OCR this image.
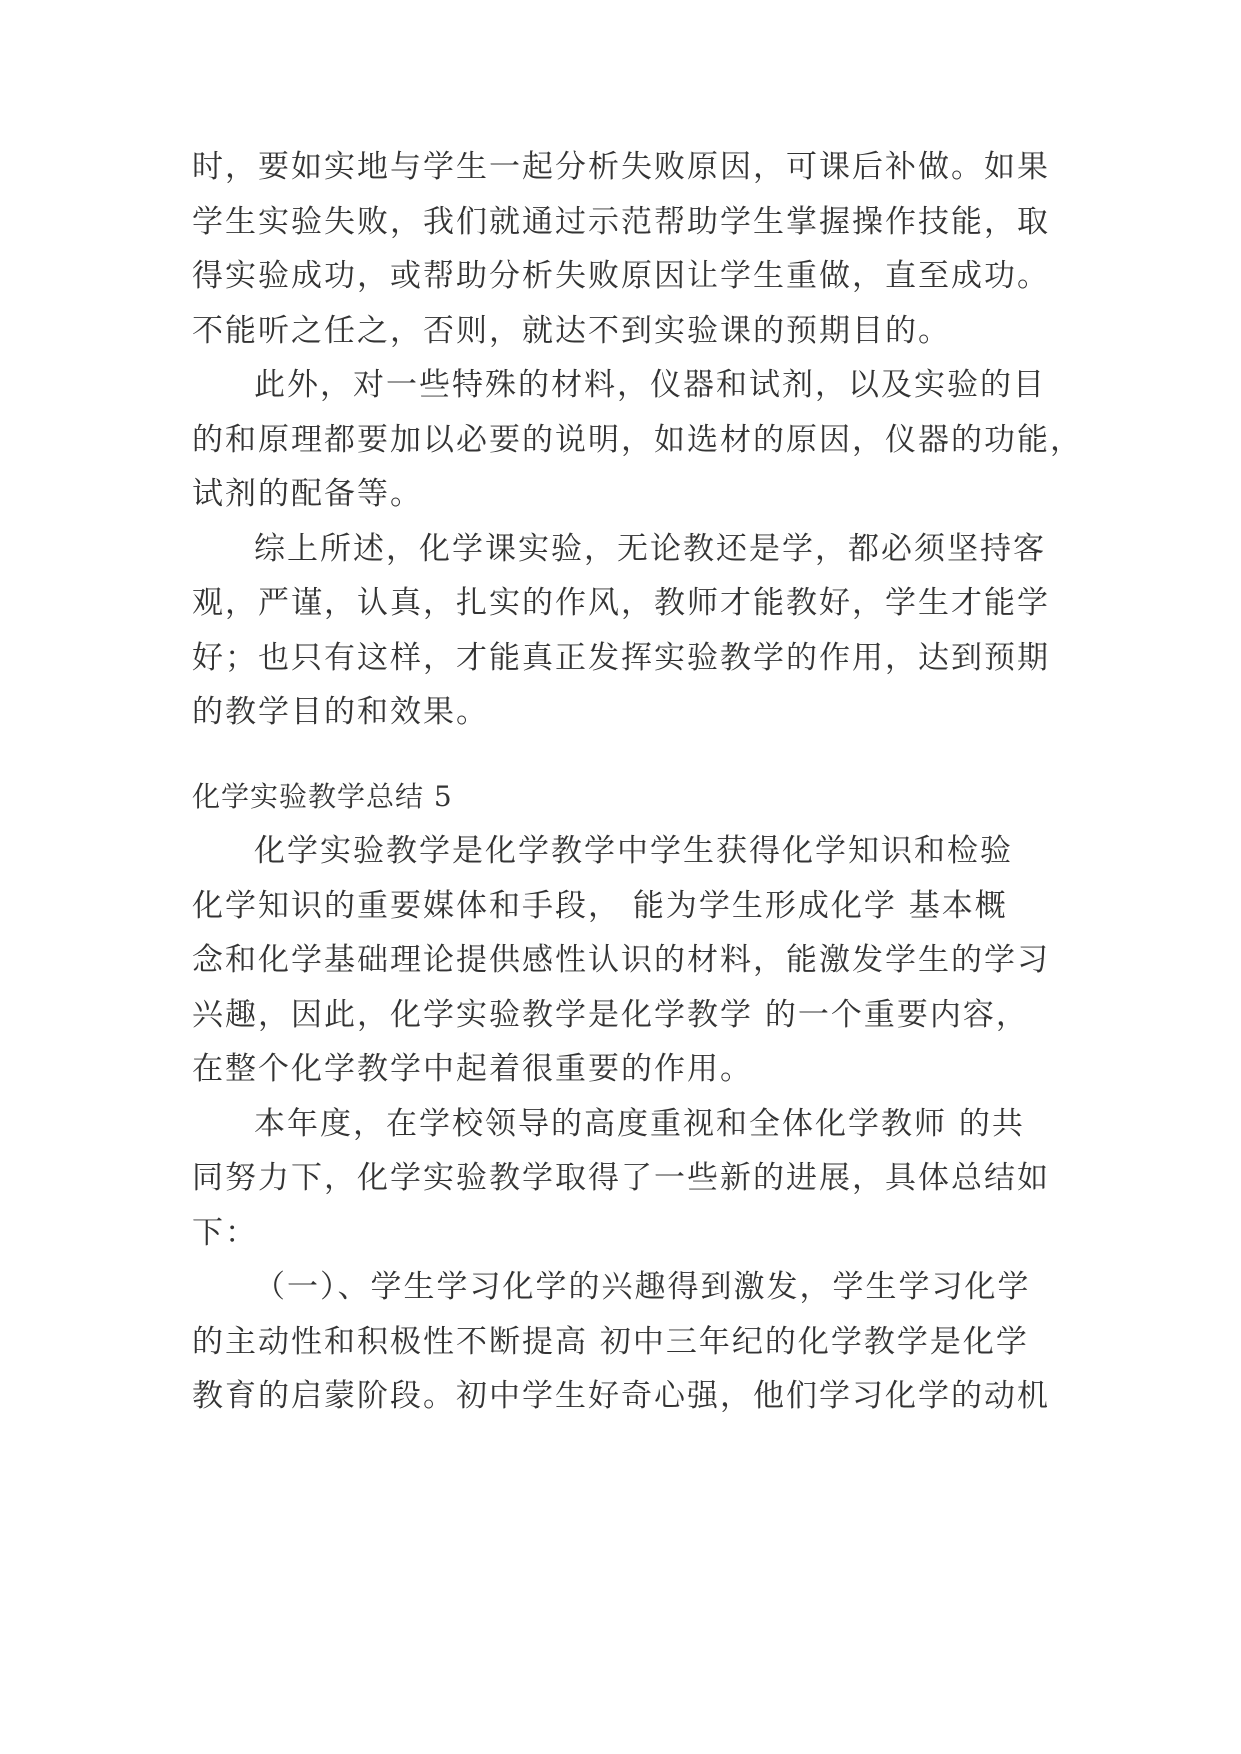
时，要如实地与学生一起分析失败原因，可课后补做。如果
学生实验失败，我们就通过示范帮助学生掌握操作技能，取
得实验成功，或帮助分析失败原因让学生重做，直至成功。
不能听之任之，否则，就达不到实验课的预期目的。
此外，对一些特殊的材料，仪器和试剂，以及实验的目
的和原理都要加以必要的说明，如选材的原因，仪器的功能，
试剂的配备等。
综上所述，化学课实验，无论教还是学，都必须坚持客
观，严谨，认真，扎实的作风，教师才能教好，学生才能学
好；也只有这样，才能真正发挥实验教学的作用，达到预期
的教学目的和效果。
化学实验教学总结 5
化学实验教学是化学教学中学生获得化学知识和检验
化学知识的重要媒体和手段， 能为学生形成化学 基本概
念和化学基础理论提供感性认识的材料，能激发学生的学习
兴趣，因此，化学实验教学是化学教学 的一个重要内容，
在整个化学教学中起着很重要的作用。
本年度，在学校领导的高度重视和全体化学教师 的共
同努力下，化学实验教学取得了一些新的进展，具体总结如
下：
（一）、学生学习化学的兴趣得到激发，学生学习化学
的主动性和积极性不断提高 初中三年纪的化学教学是化学
教育的启蒙阶段。初中学生好奇心强，他们学习化学的动机
